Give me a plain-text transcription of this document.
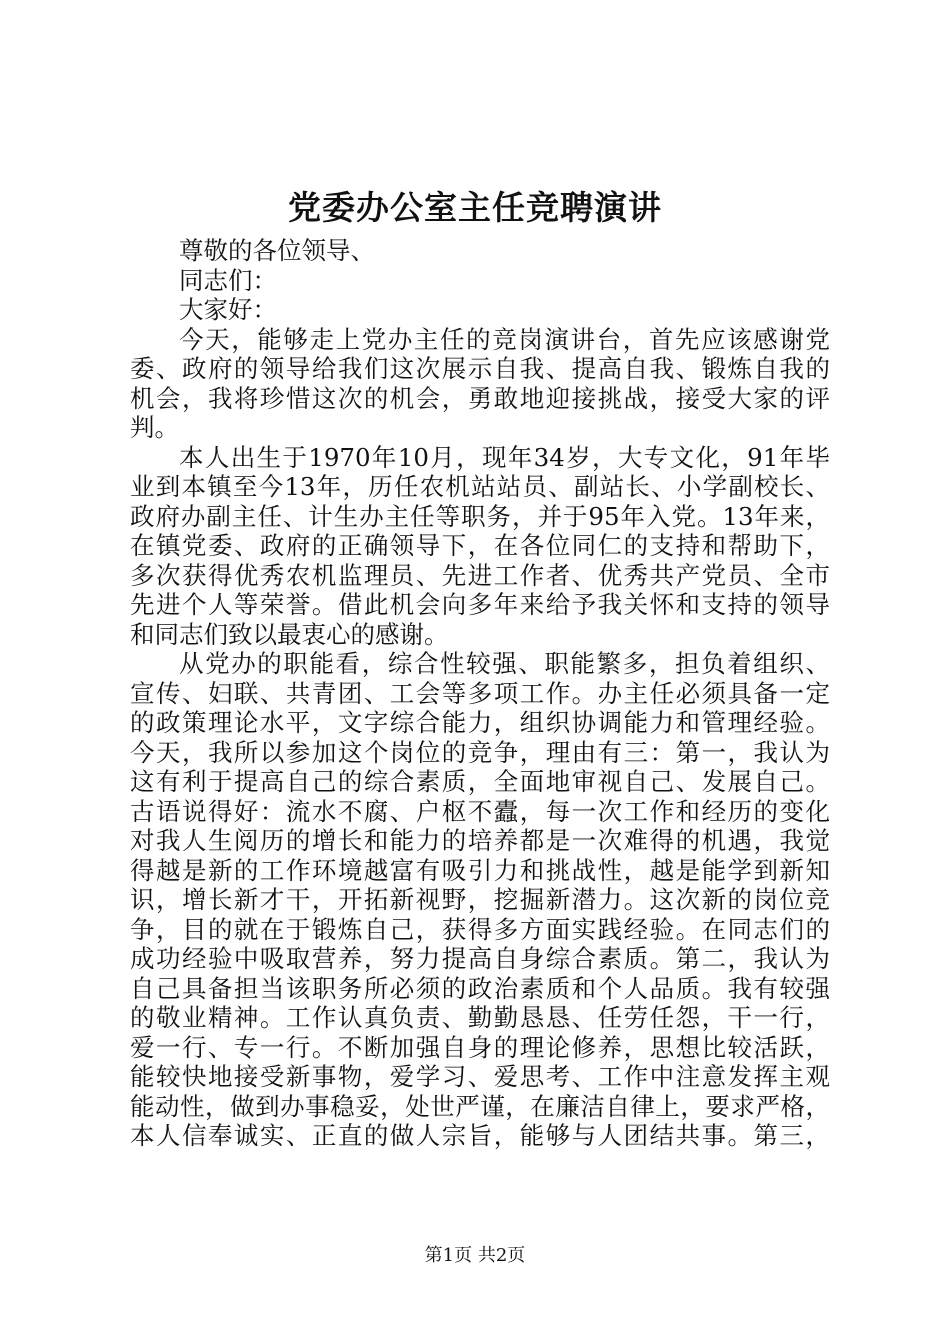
党委办公室主任竞聘演讲
尊敬的各位领导、
同志们：
大家好：
今天，能够走上党办主任的竞岗演讲台，首先应该感谢党
委、政府的领导给我们这次展示自我、提高自我、锻炼自我的
机会，我将珍惜这次的机会，勇敢地迎接挑战，接受大家的评
判。
本人出生于1970年10月，现年34岁，大专文化，91年毕
业到本镇至今13年，历任农机站站员、副站长、小学副校长、
政府办副主任、计生办主任等职务，并于95年入党。13年来，
在镇党委、政府的正确领导下，在各位同仁的支持和帮助下，
多次获得优秀农机监理员、先进工作者、优秀共产党员、全市
先进个人等荣誉。借此机会向多年来给予我关怀和支持的领导
和同志们致以最衷心的感谢。
从党办的职能看，综合性较强、职能繁多，担负着组织、
宣传、妇联、共青团、工会等多项工作。办主任必须具备一定
的政策理论水平，文字综合能力，组织协调能力和管理经验。
今天，我所以参加这个岗位的竞争，理由有三：第一，我认为
这有利于提高自己的综合素质，全面地审视自己、发展自己。
古语说得好：流水不腐、户枢不蠹，每一次工作和经历的变化
对我人生阅历的增长和能力的培养都是一次难得的机遇，我觉
得越是新的工作环境越富有吸引力和挑战性，越是能学到新知
识，增长新才干，开拓新视野，挖掘新潜力。这次新的岗位竞
争，目的就在于锻炼自己，获得多方面实践经验。在同志们的
成功经验中吸取营养，努力提高自身综合素质。第二，我认为
自己具备担当该职务所必须的政治素质和个人品质。我有较强
的敬业精神。工作认真负责、勤勤恳恳、任劳任怨，干一行，
爱一行、专一行。不断加强自身的理论修养，思想比较活跃，
能较快地接受新事物，爱学习、爱思考、工作中注意发挥主观
能动性，做到办事稳妥，处世严谨，在廉洁自律上，要求严格，
本人信奉诚实、正直的做人宗旨，能够与人团结共事。第三，
第1页 共2页
